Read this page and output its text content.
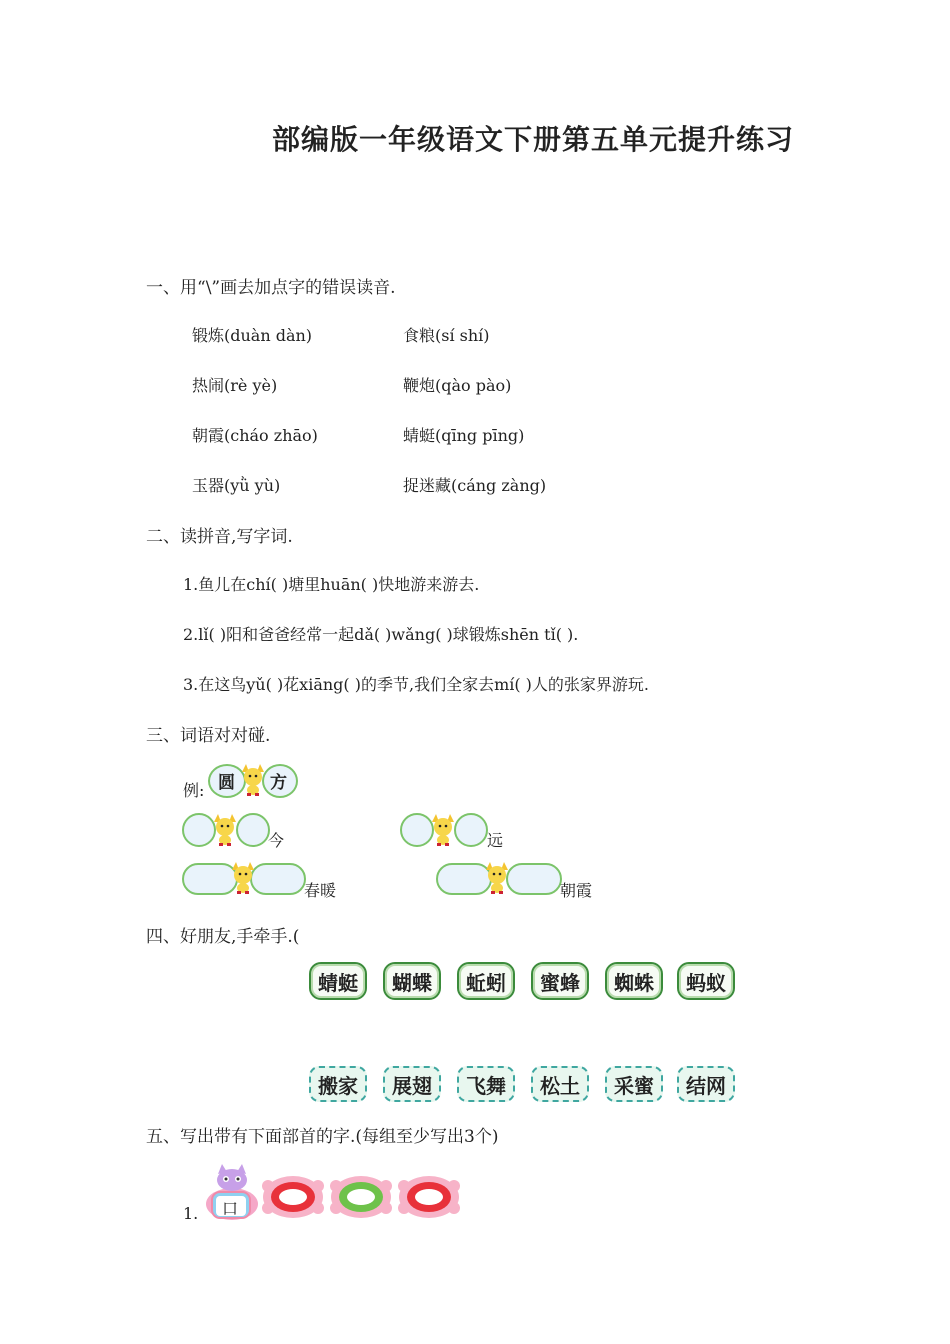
部编版一年级语文下册第五单元提升练习
一、用“\”画去加点字的错误读音.
锻炼(duàn dàn)	食粮(sí shí)
热闹(rè yè)	鞭炮(qào pào)
朝霞(cháo zhāo)	蜻蜓(qīng pīng)
玉器(yǜ yù)	捉迷藏(cáng zàng)
二、读拼音,写字词.
1.鱼儿在chí( )塘里huān( )快地游来游去.
2.lǐ( )阳和爸爸经常一起dǎ( )wǎng( )球锻炼shēn tǐ( ).
3.在这鸟yǔ( )花xiāng( )的季节,我们全家去mí( )人的张家界游玩.
三、词语对对碰.
例: 圆 方
今	远
春暖	朝霞
四、好朋友,手牵手.(
蜻蜓	蝴蝶	蚯蚓	蜜蜂	蜘蛛	蚂蚁
搬家	展翅	飞舞	松土	采蜜	结网
五、写出带有下面部首的字.(每组至少写出3个)
1. 口
